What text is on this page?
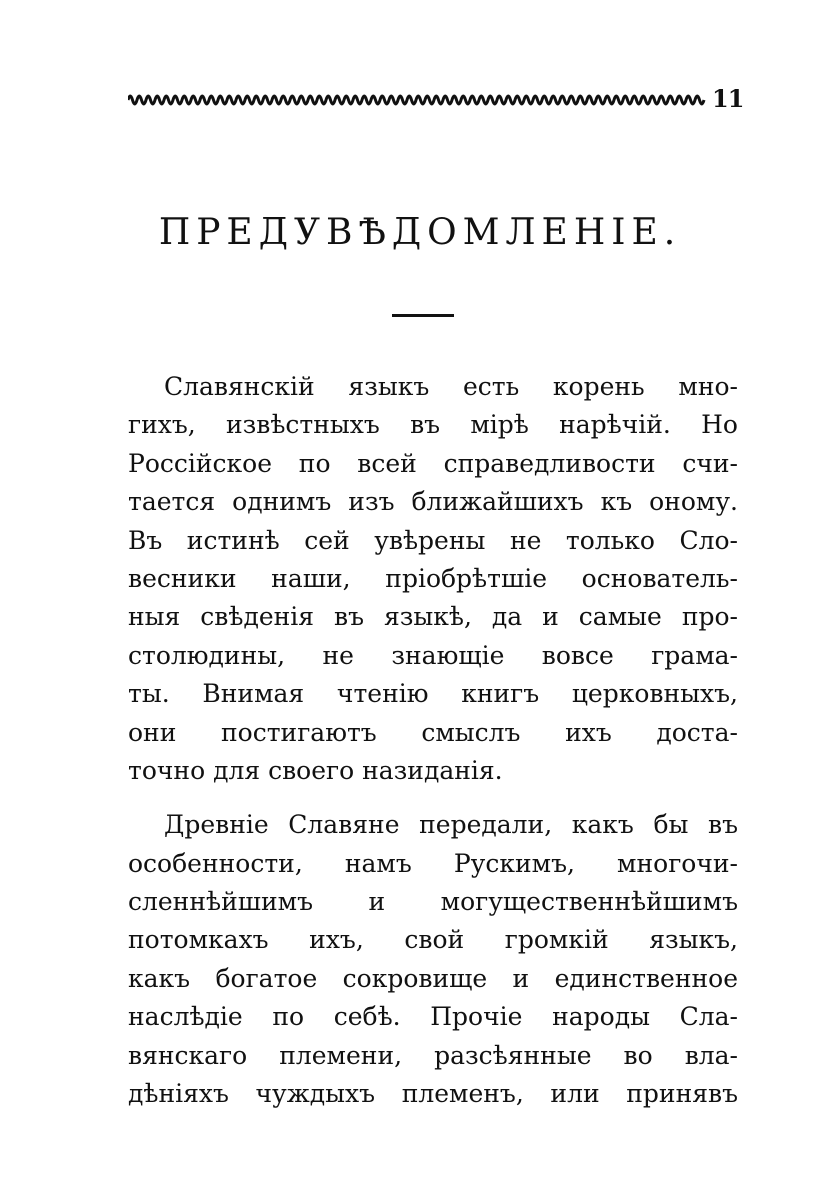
11
ПРЕДУВѢДОМЛЕНІЕ.
Славянскій языкъ есть корень мно-
гихъ, извѣстныхъ въ мірѣ нарѣчій. Но
Россійское по всей справедливости счи-
тается однимъ изъ ближайшихъ къ оному.
Въ истинѣ сей увѣрены не только Сло-
весники наши, пріобрѣтшіе основатель-
ныя свѣденія въ языкѣ, да и самые про-
столюдины, не знающіе вовсе грама-
ты. Внимая чтенію книгъ церковныхъ,
они постигаютъ смыслъ ихъ доста-
точно для своего назиданія.
Древніе Славяне передали, какъ бы въ
особенности, намъ Рускимъ, многочи-
сленнѣйшимъ и могущественнѣйшимъ
потомкахъ ихъ, свой громкій языкъ,
какъ богатое сокровище и единственное
наслѣдіе по себѣ. Прочіе народы Сла-
вянскаго племени, разсѣянные во вла-
дѣніяхъ чуждыхъ племенъ, или принявъ
